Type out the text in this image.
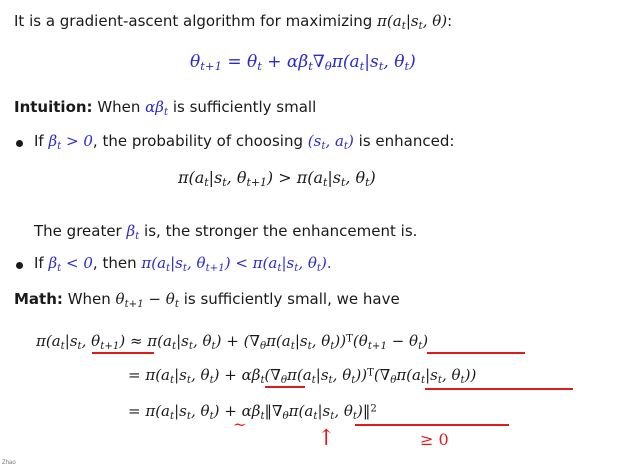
It is a gradient-ascent algorithm for maximizing $\pi(a_t|s_t$, θ):
$\theta_{t+1} = \theta_t + \alpha\beta_t\nabla_\theta\pi(a_t|s_t$, $\theta_t$)
Intuition: When $\alpha\beta_t$ is sufficiently small
If $\beta_t > 0$, the probability of choosing ($s_t$, $a_t$) is enhanced:
$\pi(a_t|s_t$, $\theta_{t+1}) > \pi(a_t|s_t$, $\theta_t$)
The greater $\beta_t$ is, the stronger the enhancement is.
If $\beta_t < 0$, then $\pi(a_t|s_t$, $\theta_{t+1}) < \pi(a_t|s_t$, $\theta_t$).
Math: When $\theta_{t+1} - \theta_t$ is sufficiently small, we have
$\pi(a_t|s_t$, $\theta_{t+1}) \approx \pi(a_t|s_t$, $\theta_t) + (\nabla_\theta\pi(a_t|s_t$, $\theta_t))^T(\theta_{t+1} - \theta_t)$
= $\pi(a_t|s_t$, $\theta_t) + \alpha\beta_t(\nabla_\theta\pi(a_t|s_t$, $\theta_t))^T(\nabla_\theta\pi(a_t|s_t$, $\theta_t$))
= $\pi(a_t|s_t$, $\theta_t$) + $\alpha\beta_t‖\nabla_\theta\pi(a_t|s_t$, $\theta_t)‖^2$
~
↑	≥ 0
Zhao
